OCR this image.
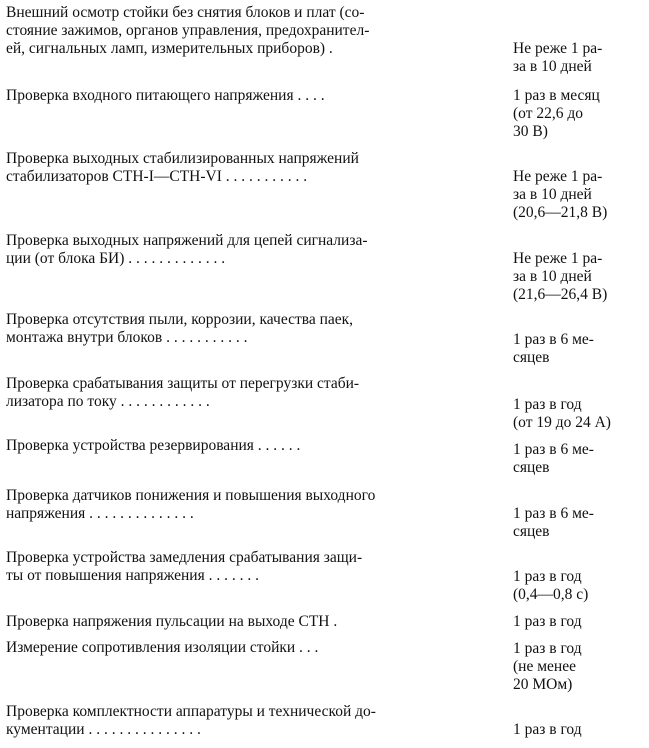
Внешний осмотр стойки без снятия блоков и плат (со-
стояние зажимов, органов управления, предохранител-
ей, сигнальных ламп, измерительных приборов) .	Не реже 1 ра-
за в 10 дней
Проверка входного питающего напряжения . . . .	1 раз в месяц
(от 22,6 до
30 В)
Проверка выходных стабилизированных напряжений
стабилизаторов СТН-I—СТН-VI . . . . . . . . . . .	Не реже 1 ра-
за в 10 дней
(20,6—21,8 В)
Проверка выходных напряжений для цепей сигнализа-
ции (от блока БИ) . . . . . . . . . . . . .	Не реже 1 ра-
за в 10 дней
(21,6—26,4 В)
Проверка отсутствия пыли, коррозии, качества паек,
монтажа внутри блоков . . . . . . . . . . .	1 раз в 6 ме-
сяцев
Проверка срабатывания защиты от перегрузки стаби-
лизатора по току . . . . . . . . . . . .	1 раз в год
(от 19 до 24 А)
Проверка устройства резервирования . . . . . .	1 раз в 6 ме-
сяцев
Проверка датчиков понижения и повышения выходного
напряжения . . . . . . . . . . . . . .	1 раз в 6 ме-
сяцев
Проверка устройства замедления срабатывания защи-
ты от повышения напряжения . . . . . . .	1 раз в год
(0,4—0,8 с)
Проверка напряжения пульсации на выходе СТН .	1 раз в год
Измерение сопротивления изоляции стойки . . .	1 раз в год
(не менее
20 МОм)
Проверка комплектности аппаратуры и технической до-
кументации . . . . . . . . . . . . . . .	1 раз в год
